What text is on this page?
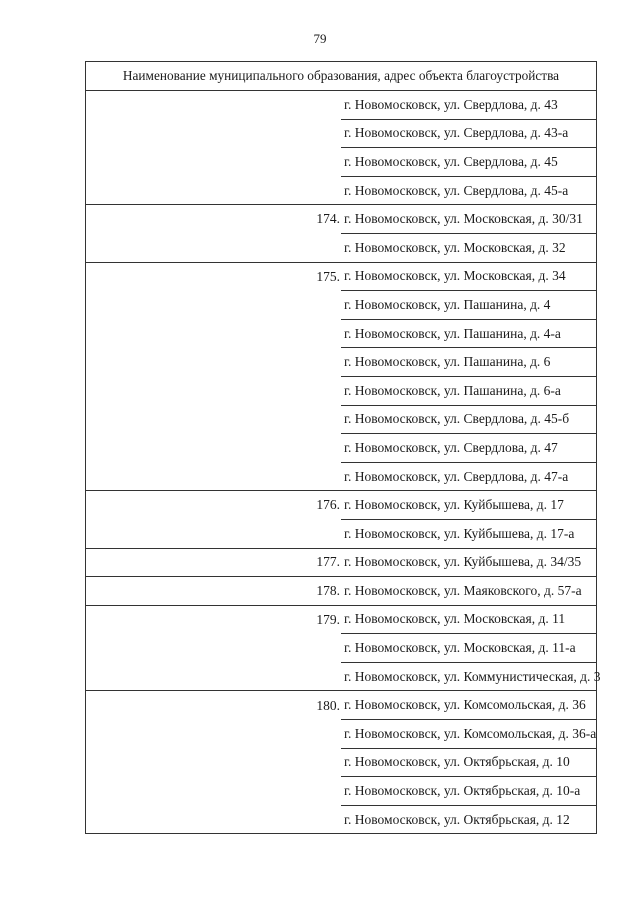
79
Наименование муниципального образования, адрес объекта благоустройства	
	г. Новомосковск, ул. Свердлова, д. 43
	г. Новомосковск, ул. Свердлова, д. 43-а
	г. Новомосковск, ул. Свердлова, д. 45
	г. Новомосковск, ул. Свердлова, д. 45-а
174.	г. Новомосковск, ул. Московская, д. 30/31
	г. Новомосковск, ул. Московская, д. 32
175.	г. Новомосковск, ул. Московская, д. 34
	г. Новомосковск, ул. Пашанина, д. 4
	г. Новомосковск, ул. Пашанина, д. 4-а
	г. Новомосковск, ул. Пашанина, д. 6
	г. Новомосковск, ул. Пашанина, д. 6-а
	г. Новомосковск, ул. Свердлова, д. 45-б
	г. Новомосковск, ул. Свердлова, д. 47
	г. Новомосковск, ул. Свердлова, д. 47-а
176.	г. Новомосковск, ул. Куйбышева, д. 17
	г. Новомосковск, ул. Куйбышева, д. 17-а
177.	г. Новомосковск, ул. Куйбышева, д. 34/35
178.	г. Новомосковск, ул. Маяковского, д. 57-а
179.	г. Новомосковск, ул. Московская, д. 11
	г. Новомосковск, ул. Московская, д. 11-а
	г. Новомосковск, ул. Коммунистическая, д. 3
180.	г. Новомосковск, ул. Комсомольская, д. 36
	г. Новомосковск, ул. Комсомольская, д. 36-а
	г. Новомосковск, ул. Октябрьская, д. 10
	г. Новомосковск, ул. Октябрьская, д. 10-а
	г. Новомосковск, ул. Октябрьская, д. 12
